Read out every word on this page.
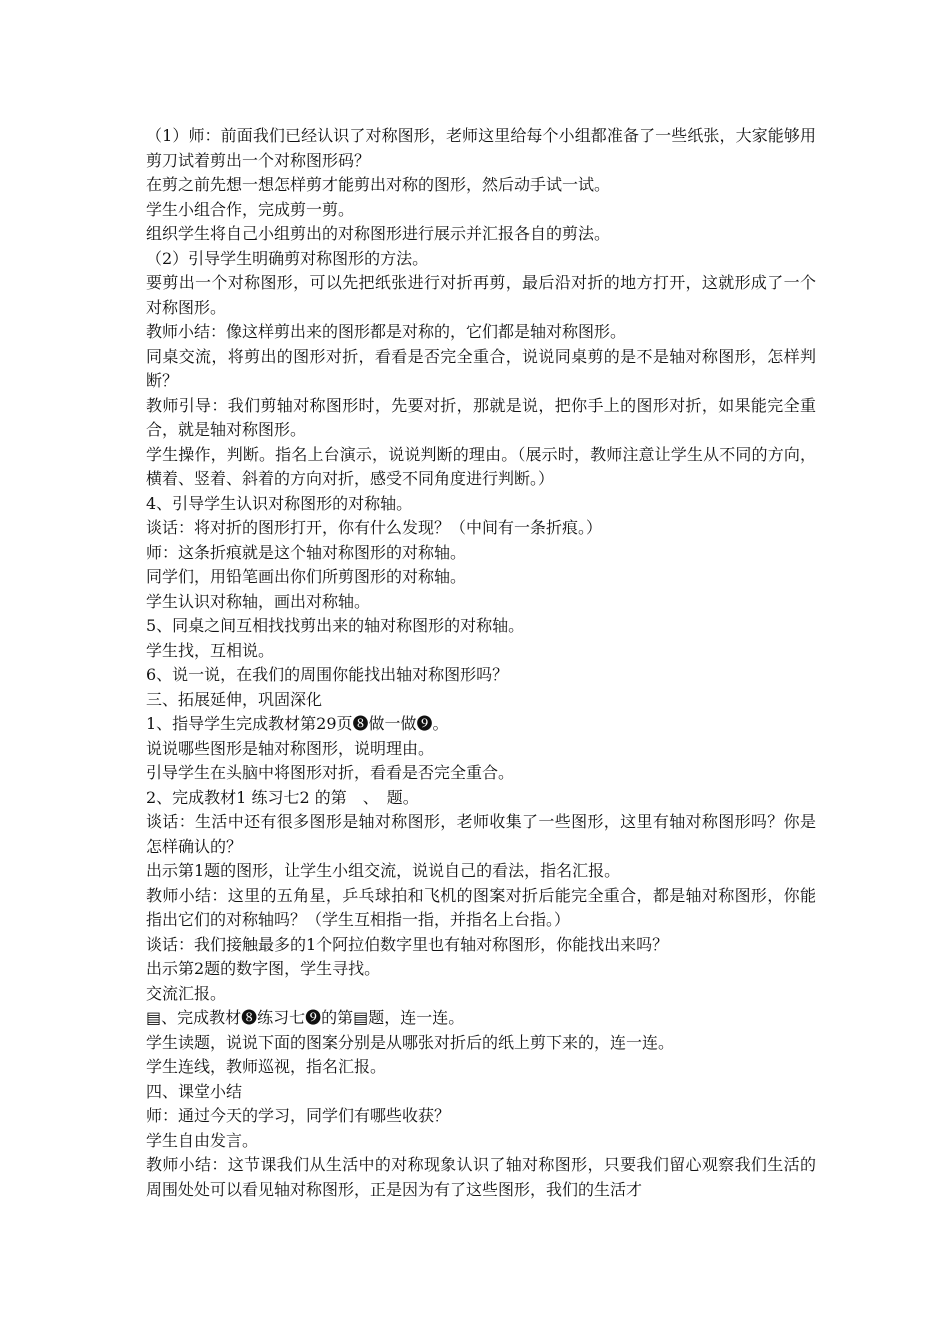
（1）师：前面我们已经认识了对称图形，老师这里给每个小组都准备了一些纸张，大家能够用剪刀试着剪出一个对称图形码？

在剪之前先想一想怎样剪才能剪出对称的图形，然后动手试一试。

学生小组合作，完成剪一剪。

组织学生将自己小组剪出的对称图形进行展示并汇报各自的剪法。

（2）引导学生明确剪对称图形的方法。

要剪出一个对称图形，可以先把纸张进行对折再剪，最后沿对折的地方打开，这就形成了一个对称图形。

教师小结：像这样剪出来的图形都是对称的，它们都是轴对称图形。

同桌交流，将剪出的图形对折，看看是否完全重合，说说同桌剪的是不是轴对称图形，怎样判断？

教师引导：我们剪轴对称图形时，先要对折，那就是说，把你手上的图形对折，如果能完全重合，就是轴对称图形。

学生操作，判断。指名上台演示，说说判断的理由。（展示时，教师注意让学生从不同的方向，横着、竖着、斜着的方向对折，感受不同角度进行判断。）

4、引导学生认识对称图形的对称轴。

谈话：将对折的图形打开，你有什么发现？（中间有一条折痕。）

师：这条折痕就是这个轴对称图形的对称轴。

同学们，用铅笔画出你们所剪图形的对称轴。

学生认识对称轴，画出对称轴。

5、同桌之间互相找找剪出来的轴对称图形的对称轴。

学生找，互相说。

6、说一说，在我们的周围你能找出轴对称图形吗？

三、拓展延伸，巩固深化

1、指导学生完成教材第29页❽做一做❾。

说说哪些图形是轴对称图形，说明理由。

引导学生在头脑中将图形对折，看看是否完全重合。

2、完成教材1 练习七2 的第　、　题。

谈话：生活中还有很多图形是轴对称图形，老师收集了一些图形，这里有轴对称图形吗？你是怎样确认的？

出示第1题的图形，让学生小组交流，说说自己的看法，指名汇报。

教师小结：这里的五角星，乒乓球拍和飞机的图案对折后能完全重合，都是轴对称图形，你能指出它们的对称轴吗？（学生互相指一指，并指名上台指。）

谈话：我们接触最多的1个阿拉伯数字里也有轴对称图形，你能找出来吗？

出示第2题的数字图，学生寻找。

交流汇报。

▤、完成教材❽练习七❾的第▤题，连一连。

学生读题，说说下面的图案分别是从哪张对折后的纸上剪下来的，连一连。

学生连线，教师巡视，指名汇报。

四、课堂小结

师：通过今天的学习，同学们有哪些收获？

学生自由发言。

教师小结：这节课我们从生活中的对称现象认识了轴对称图形，只要我们留心观察我们生活的周围处处可以看见轴对称图形，正是因为有了这些图形，我们的生活才
